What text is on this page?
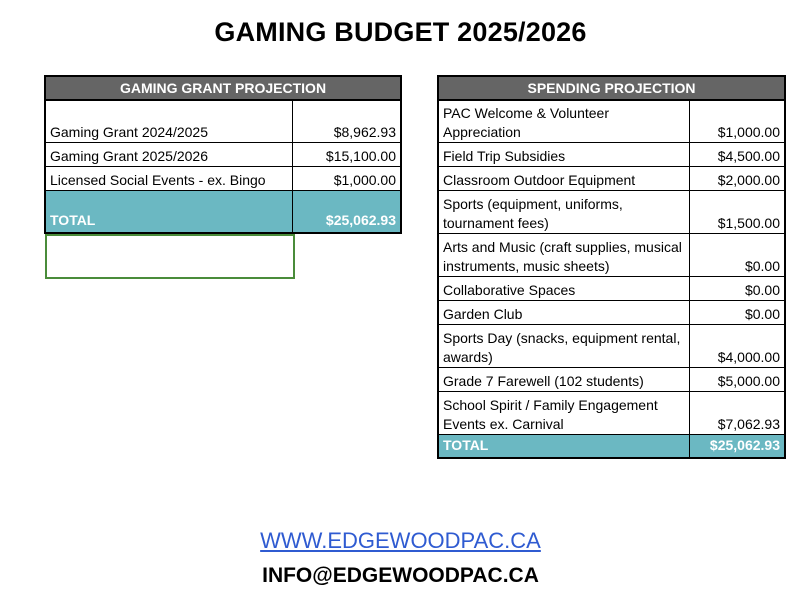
GAMING BUDGET 2025/2026
GAMING GRANT PROJECTION	
Gaming Grant 2024/2025	$8,962.93
Gaming Grant 2025/2026	$15,100.00
Licensed Social Events - ex. Bingo	$1,000.00
TOTAL	$25,062.93
SPENDING PROJECTION	
PAC Welcome & Volunteer Appreciation	$1,000.00
Field Trip Subsidies	$4,500.00
Classroom Outdoor Equipment	$2,000.00
Sports (equipment, uniforms, tournament fees)	$1,500.00
Arts and Music (craft supplies, musical instruments, music sheets)	$0.00
Collaborative Spaces	$0.00
Garden Club	$0.00
Sports Day (snacks, equipment rental, awards)	$4,000.00
Grade 7 Farewell (102 students)	$5,000.00
School Spirit / Family Engagement Events ex. Carnival	$7,062.93
TOTAL	$25,062.93
WWW.EDGEWOODPAC.CA
INFO@EDGEWOODPAC.CA
